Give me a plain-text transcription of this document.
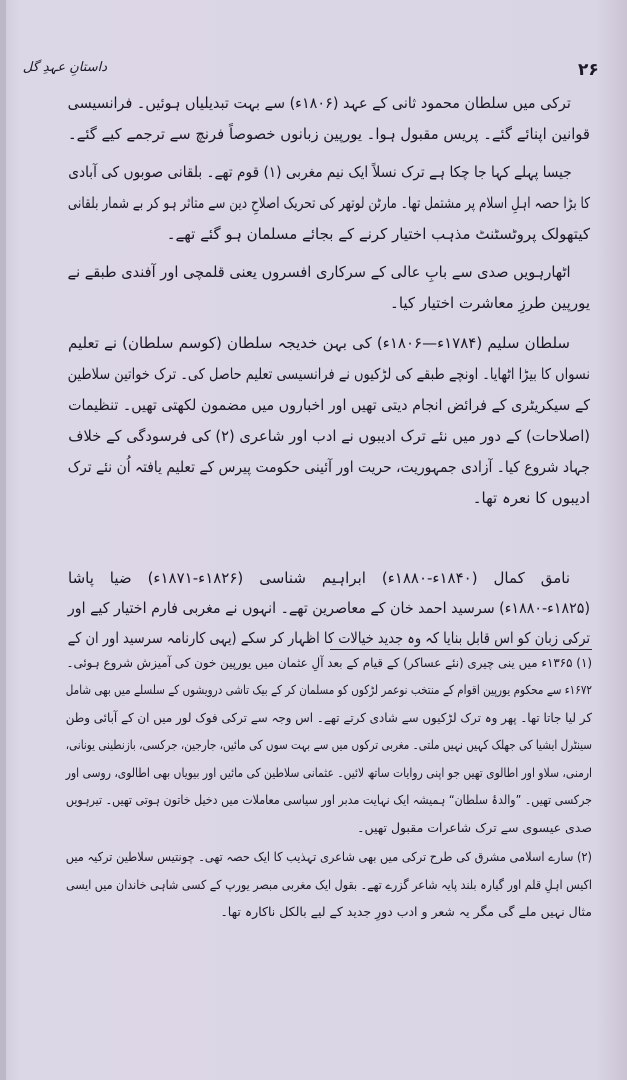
۲۶
داستانِ عہدِ گل
ترکی میں سلطان محمود ثانی کے عہد (۱۸۰۶ء) سے بہت تبدیلیاں ہوئیں۔ فرانسیسی
قوانین اپنائے گئے۔ پریس مقبول ہوا۔ یورپین زبانوں خصوصاً فرنچ سے ترجمے کیے گئے۔
جیسا پہلے کہا جا چکا ہے ترک نسلاً ایک نیم مغربی (۱) قوم تھے۔ بلقانی صوبوں کی آبادی
کا بڑا حصہ اہلِ اسلام پر مشتمل تھا۔ مارٹن لوتھر کی تحریک اصلاحِ دین سے متاثر ہو کر بے شمار بلقانی
کیتھولک پروٹسٹنٹ مذہب اختیار کرنے کے بجائے مسلمان ہو گئے تھے۔
اٹھارہویں صدی سے بابِ عالی کے سرکاری افسروں یعنی قلمچی اور آفندی طبقے نے
یورپین طرزِ معاشرت اختیار کیا۔
سلطان سلیم (۱۷۸۴ء—۱۸۰۶ء) کی بہن خدیجہ سلطان (کوسم سلطان) نے تعلیم
نسواں کا بیڑا اٹھایا۔ اونچے طبقے کی لڑکیوں نے فرانسیسی تعلیم حاصل کی۔ ترک خواتین سلاطین
کے سیکریٹری کے فرائض انجام دیتی تھیں اور اخباروں میں مضمون لکھتی تھیں۔ تنظیمات
(اصلاحات) کے دور میں نئے ترک ادیبوں نے ادب اور شاعری (۲) کی فرسودگی کے خلاف
جہاد شروع کیا۔ آزادی جمہوریت، حریت اور آئینی حکومت پیرس کے تعلیم یافتہ اُن نئے ترک
ادیبوں کا نعرہ تھا۔
نامق کمال (۱۸۴۰ء-۱۸۸۰ء) ابراہیم شناسی (۱۸۲۶ء-۱۸۷۱ء) ضیا پاشا
(۱۸۲۵ء-۱۸۸۰ء) سرسید احمد خان کے معاصرین تھے۔ انہوں نے مغربی فارم اختیار کیے اور
ترکی زبان کو اس قابل بنایا کہ وہ جدید خیالات کا اظہار کر سکے (یہی کارنامہ سرسید اور ان کے
(۱) ۱۳۶۵ء میں ینی چیری (نئے عساکر) کے قیام کے بعد آلِ عثمان میں یورپین خون کی آمیزش شروع ہوئی۔
۱۶۷۲ء سے محکوم یورپین اقوام کے منتخب نوعمر لڑکوں کو مسلمان کر کے بیک تاشی درویشوں کے سلسلے میں بھی شامل
کر لیا جاتا تھا۔ پھر وہ ترک لڑکیوں سے شادی کرتے تھے۔ اس وجہ سے ترکی فوک لور میں ان کے آبائی وطن
سینٹرل ایشیا کی جھلک کہیں نہیں ملتی۔ مغربی ترکوں میں سے بہت سوں کی مائیں، جارجین، جرکسی، بازنطینی یونانی،
ارمنی، سلاو اور اطالوی تھیں جو اپنی روایات ساتھ لائیں۔ عثمانی سلاطین کی مائیں اور بیویاں بھی اطالوی، روسی اور
جرکسی تھیں۔ ”والدۂ سلطان“ ہمیشہ ایک نہایت مدبر اور سیاسی معاملات میں دخیل خاتون ہوتی تھیں۔ تیرہویں
صدی عیسوی سے ترک شاعرات مقبول تھیں۔
(۲) سارے اسلامی مشرق کی طرح ترکی میں بھی شاعری تہذیب کا ایک حصہ تھی۔ چونتیس سلاطین ترکیہ میں
اکیس اہلِ قلم اور گیارہ بلند پایہ شاعر گزرے تھے۔ بقول ایک مغربی مبصر یورپ کے کسی شاہی خاندان میں ایسی
مثال نہیں ملے گی مگر یہ شعر و ادب دورِ جدید کے لیے بالکل ناکارہ تھا۔
